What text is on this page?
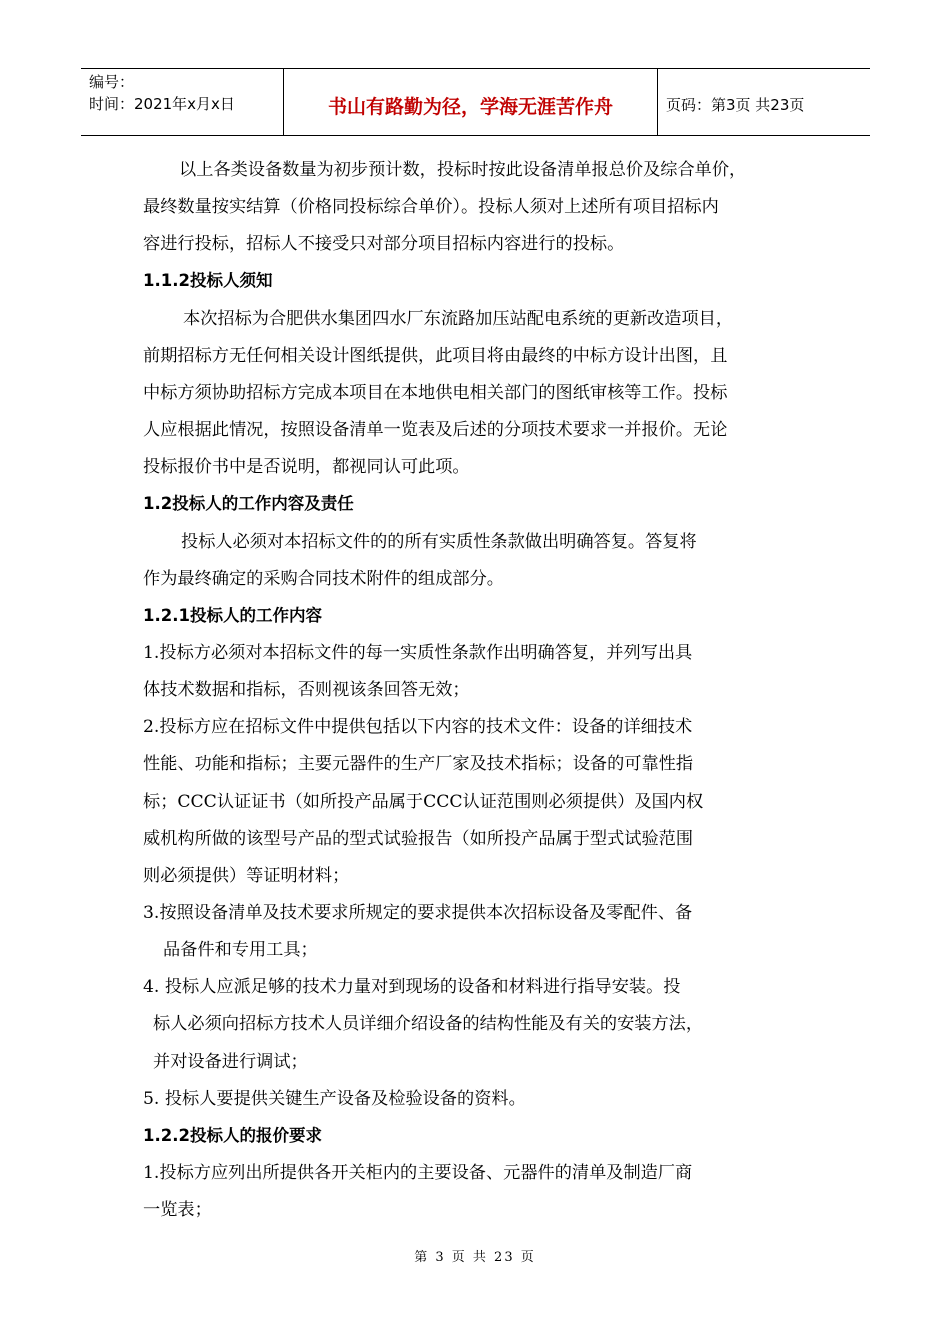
编号：
时间：2021年x月x日	书山有路勤为径，学海无涯苦作舟	页码：第3页 共23页
以上各类设备数量为初步预计数，投标时按此设备清单报总价及综合单价，
最终数量按实结算（价格同投标综合单价）。投标人须对上述所有项目招标内
容进行投标，招标人不接受只对部分项目招标内容进行的投标。
1.1.2投标人须知
本次招标为合肥供水集团四水厂东流路加压站配电系统的更新改造项目，
前期招标方无任何相关设计图纸提供，此项目将由最终的中标方设计出图，且
中标方须协助招标方完成本项目在本地供电相关部门的图纸审核等工作。投标
人应根据此情况，按照设备清单一览表及后述的分项技术要求一并报价。无论
投标报价书中是否说明，都视同认可此项。
1.2投标人的工作内容及责任
投标人必须对本招标文件的的所有实质性条款做出明确答复。答复将
作为最终确定的采购合同技术附件的组成部分。
1.2.1投标人的工作内容
1.投标方必须对本招标文件的每一实质性条款作出明确答复，并列写出具
体技术数据和指标，否则视该条回答无效；
2.投标方应在招标文件中提供包括以下内容的技术文件：设备的详细技术
性能、功能和指标；主要元器件的生产厂家及技术指标；设备的可靠性指
标；CCC认证证书（如所投产品属于CCC认证范围则必须提供）及国内权
威机构所做的该型号产品的型式试验报告（如所投产品属于型式试验范围
则必须提供）等证明材料；
3.按照设备清单及技术要求所规定的要求提供本次招标设备及零配件、备
品备件和专用工具；
4. 投标人应派足够的技术力量对到现场的设备和材料进行指导安装。投
标人必须向招标方技术人员详细介绍设备的结构性能及有关的安装方法，
并对设备进行调试；
5. 投标人要提供关键生产设备及检验设备的资料。
1.2.2投标人的报价要求
1.投标方应列出所提供各开关柜内的主要设备、元器件的清单及制造厂商
一览表；
第 3 页 共 23 页
